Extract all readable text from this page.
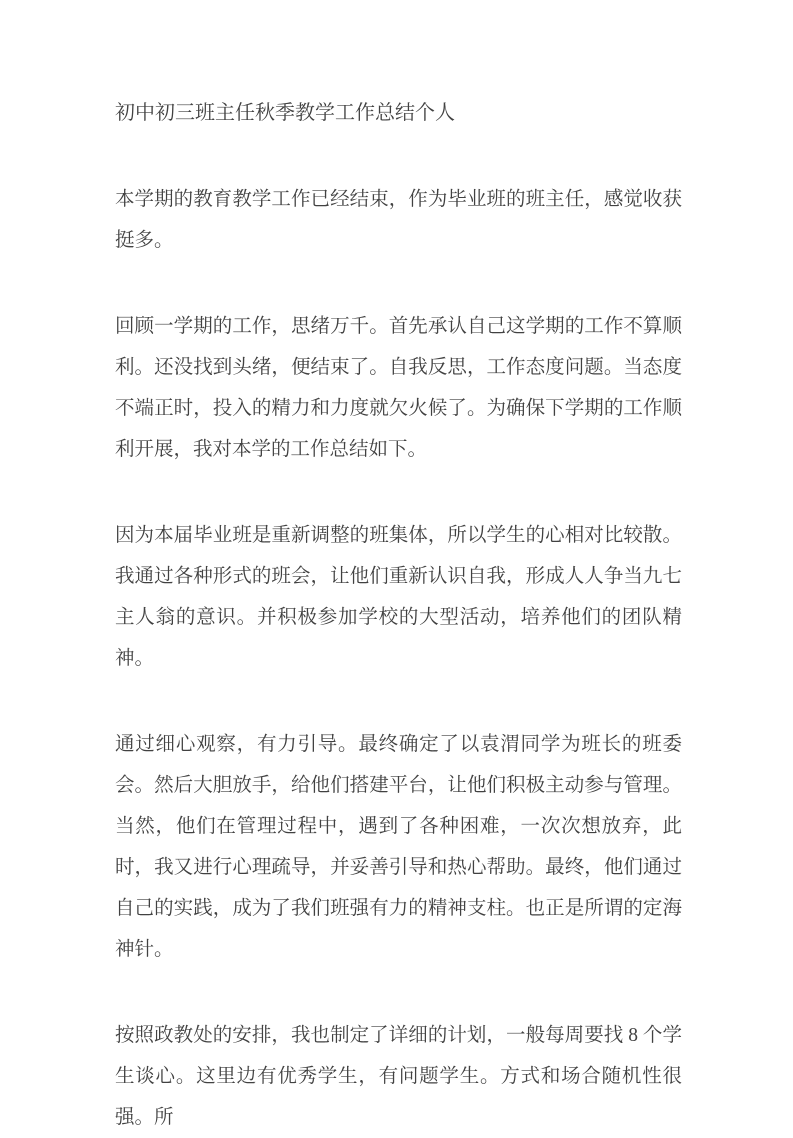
初中初三班主任秋季教学工作总结个人

本学期的教育教学工作已经结束，作为毕业班的班主任，感觉收获挺多。

回顾一学期的工作，思绪万千。首先承认自己这学期的工作不算顺利。还没找到头绪，便结束了。自我反思，工作态度问题。当态度不端正时，投入的精力和力度就欠火候了。为确保下学期的工作顺利开展，我对本学的工作总结如下。

因为本届毕业班是重新调整的班集体，所以学生的心相对比较散。我通过各种形式的班会，让他们重新认识自我，形成人人争当九七主人翁的意识。并积极参加学校的大型活动，培养他们的团队精神。

通过细心观察，有力引导。最终确定了以袁渭同学为班长的班委会。然后大胆放手，给他们搭建平台，让他们积极主动参与管理。当然，他们在管理过程中，遇到了各种困难，一次次想放弃，此时，我又进行心理疏导，并妥善引导和热心帮助。最终，他们通过自己的实践，成为了我们班强有力的精神支柱。也正是所谓的定海神针。

按照政教处的安排，我也制定了详细的计划，一般每周要找 8 个学生谈心。这里边有优秀学生，有问题学生。方式和场合随机性很强。所
